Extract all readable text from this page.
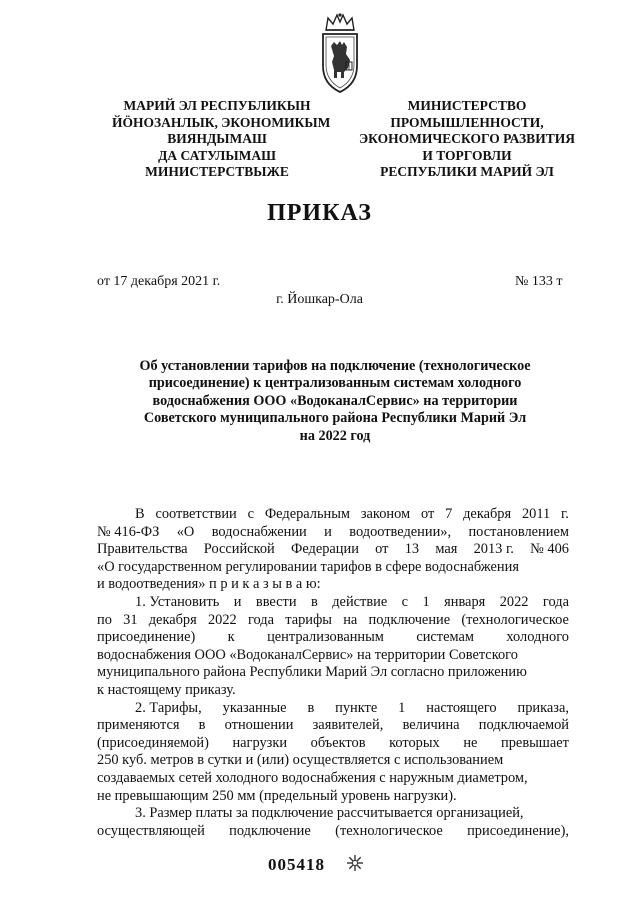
МАРИЙ ЭЛ РЕСПУБЛИКЫН
ЙÖНОЗАНЛЫК, ЭКОНОМИКЫМ
ВИЯНДЫМАШ
ДА САТУЛЫМАШ
МИНИСТЕРСТВЫЖЕ
МИНИСТЕРСТВО
ПРОМЫШЛЕННОСТИ,
ЭКОНОМИЧЕСКОГО РАЗВИТИЯ
И ТОРГОВЛИ
РЕСПУБЛИКИ МАРИЙ ЭЛ
ПРИКАЗ
от 17 декабря 2021 г.	№ 133 т
г. Йошкар-Ола
Об установлении тарифов на подключение (технологическое
присоединение) к централизованным системам холодного
водоснабжения ООО «ВодоканалСервис» на территории
Советского муниципального района Республики Марий Эл
на 2022 год
В соответствии с Федеральным законом от 7 декабря 2011 г.
№ 416-ФЗ «О водоснабжении и водоотведении», постановлением
Правительства Российской Федерации от 13 мая 2013 г. № 406
«О государственном регулировании тарифов в сфере водоснабжения
и водоотведения» п р и к а з ы в а ю:
1. Установить и ввести в действие с 1 января 2022 года
по 31 декабря 2022 года тарифы на подключение (технологическое
присоединение) к централизованным системам холодного
водоснабжения ООО «ВодоканалСервис» на территории Советского
муниципального района Республики Марий Эл согласно приложению
к настоящему приказу.
2. Тарифы, указанные в пункте 1 настоящего приказа,
применяются в отношении заявителей, величина подключаемой
(присоединяемой) нагрузки объектов которых не превышает
250 куб. метров в сутки и (или) осуществляется с использованием
создаваемых сетей холодного водоснабжения с наружным диаметром,
не превышающим 250 мм (предельный уровень нагрузки).
3. Размер платы за подключение рассчитывается организацией,
осуществляющей подключение (технологическое присоединение),
005418
